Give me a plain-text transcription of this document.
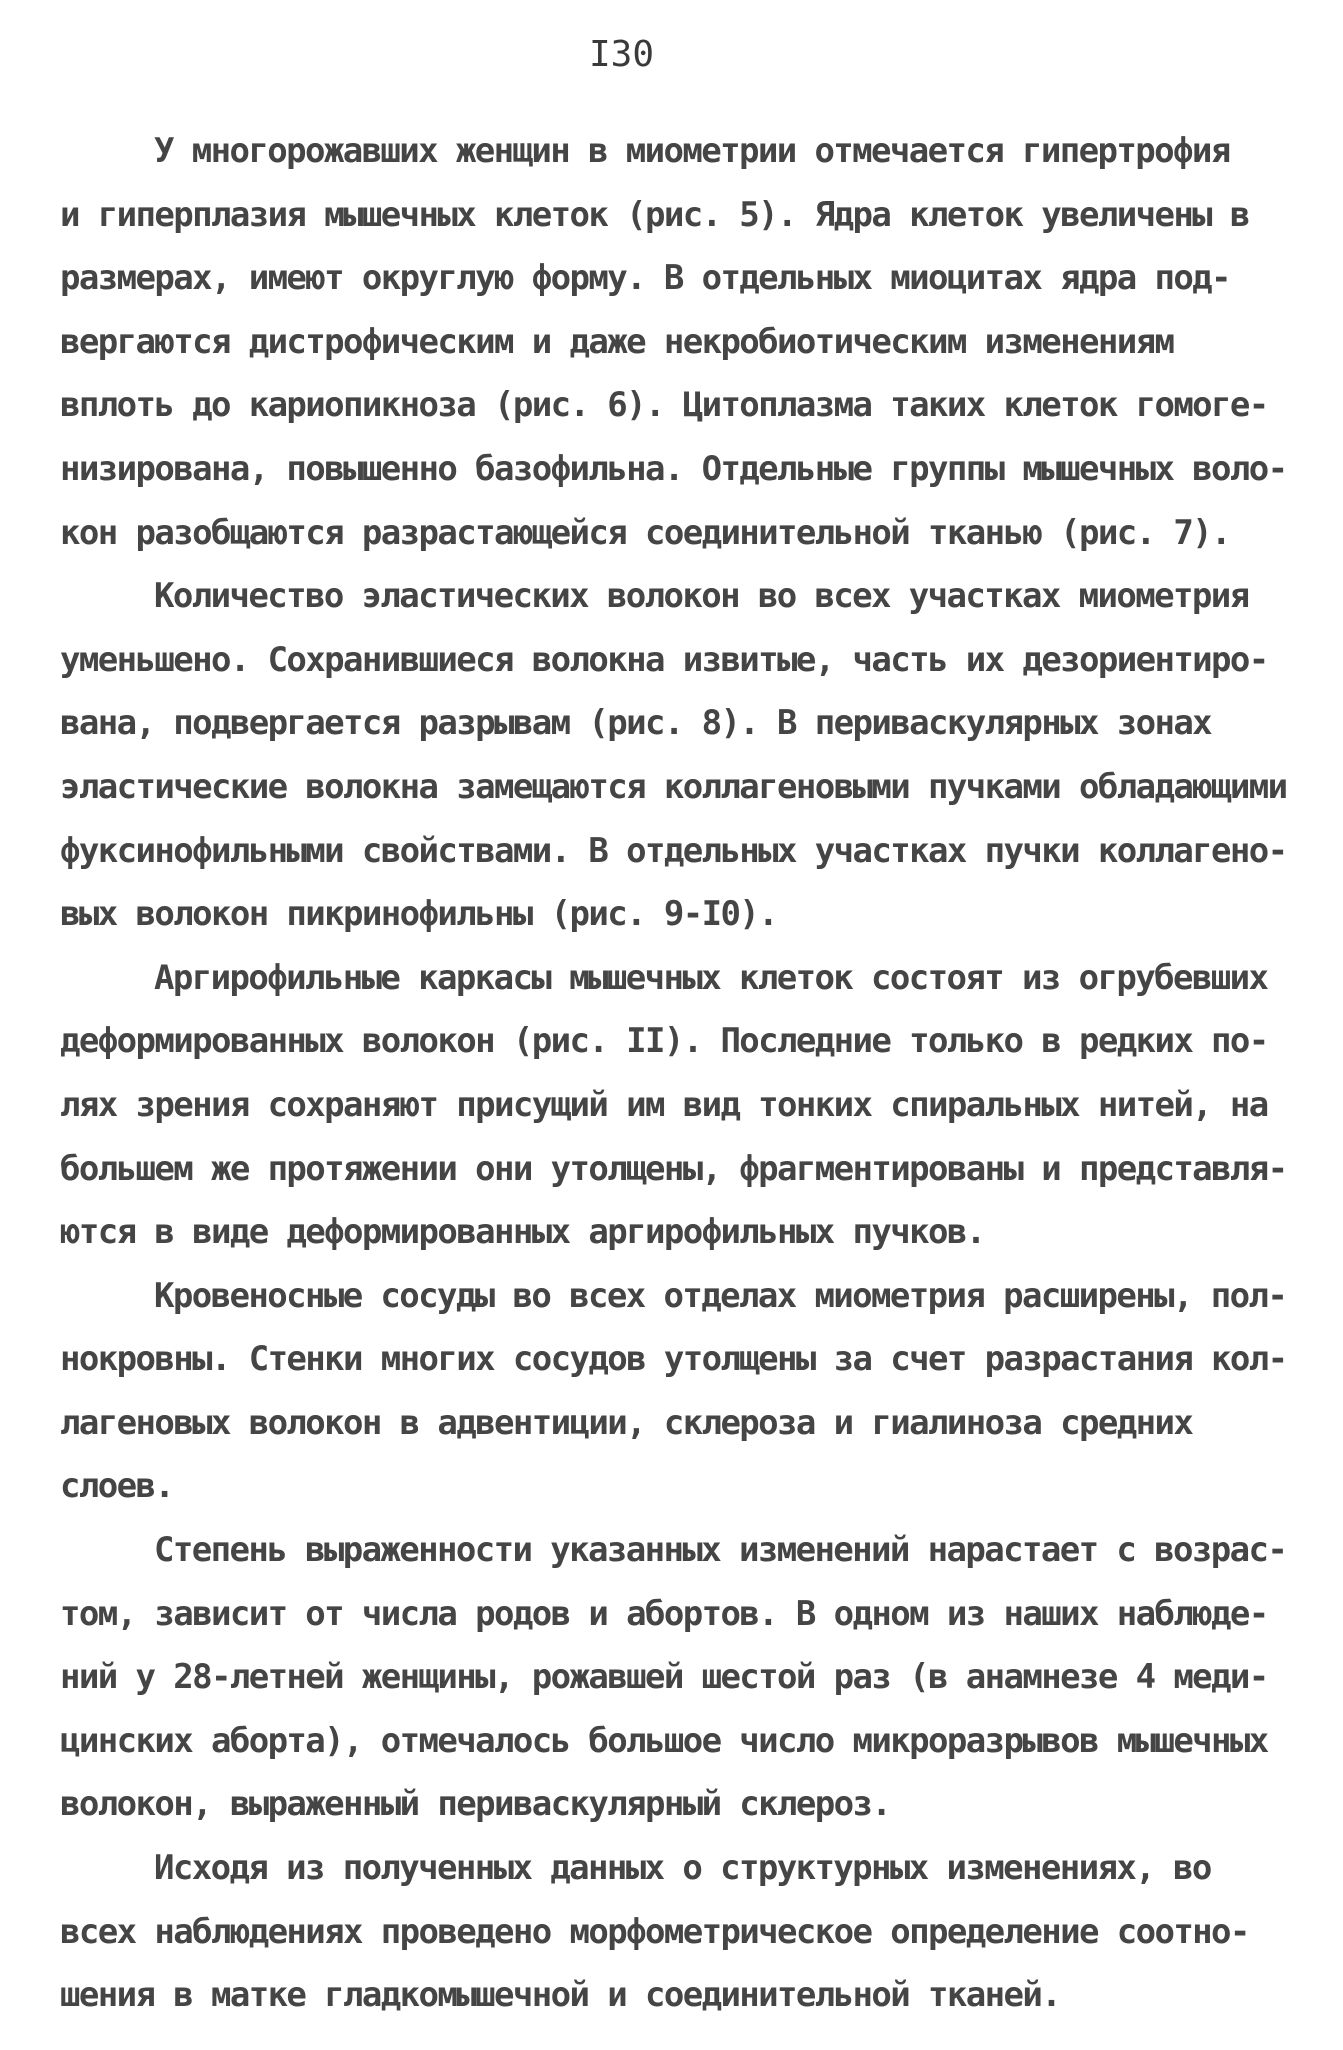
I30
У многорожавших женщин в миометрии отмечается гипертрофия
и гиперплазия мышечных клеток (рис. 5). Ядра клеток увеличены в
размерах, имеют округлую форму. В отдельных миоцитах ядра под-
вергаются дистрофическим и даже некробиотическим изменениям
вплоть до кариопикноза (рис. 6). Цитоплазма таких клеток гомоге-
низирована, повышенно базофильна. Отдельные группы мышечных воло-
кон разобщаются разрастающейся соединительной тканью (рис. 7).
Количество эластических волокон во всех участках миометрия
уменьшено. Сохранившиеся волокна извитые, часть их дезориентиро-
вана, подвергается разрывам (рис. 8). В периваскулярных зонах
эластические волокна замещаются коллагеновыми пучками обладающими
фуксинофильными свойствами. В отдельных участках пучки коллагено-
вых волокон пикринофильны (рис. 9-I0).
Аргирофильные каркасы мышечных клеток состоят из огрубевших
деформированных волокон (рис. II). Последние только в редких по-
лях зрения сохраняют присущий им вид тонких спиральных нитей, на
большем же протяжении они утолщены, фрагментированы и представля-
ются в виде деформированных аргирофильных пучков.
Кровеносные сосуды во всех отделах миометрия расширены, пол-
нокровны. Стенки многих сосудов утолщены за счет разрастания кол-
лагеновых волокон в адвентиции, склероза и гиалиноза средних
слоев.
Степень выраженности указанных изменений нарастает с возрас-
том, зависит от числа родов и абортов. В одном из наших наблюде-
ний у 28-летней женщины, рожавшей шестой раз (в анамнезе 4 меди-
цинских аборта), отмечалось большое число микроразрывов мышечных
волокон, выраженный периваскулярный склероз.
Исходя из полученных данных о структурных изменениях, во
всех наблюдениях проведено морфометрическое определение соотно-
шения в матке гладкомышечной и соединительной тканей.
